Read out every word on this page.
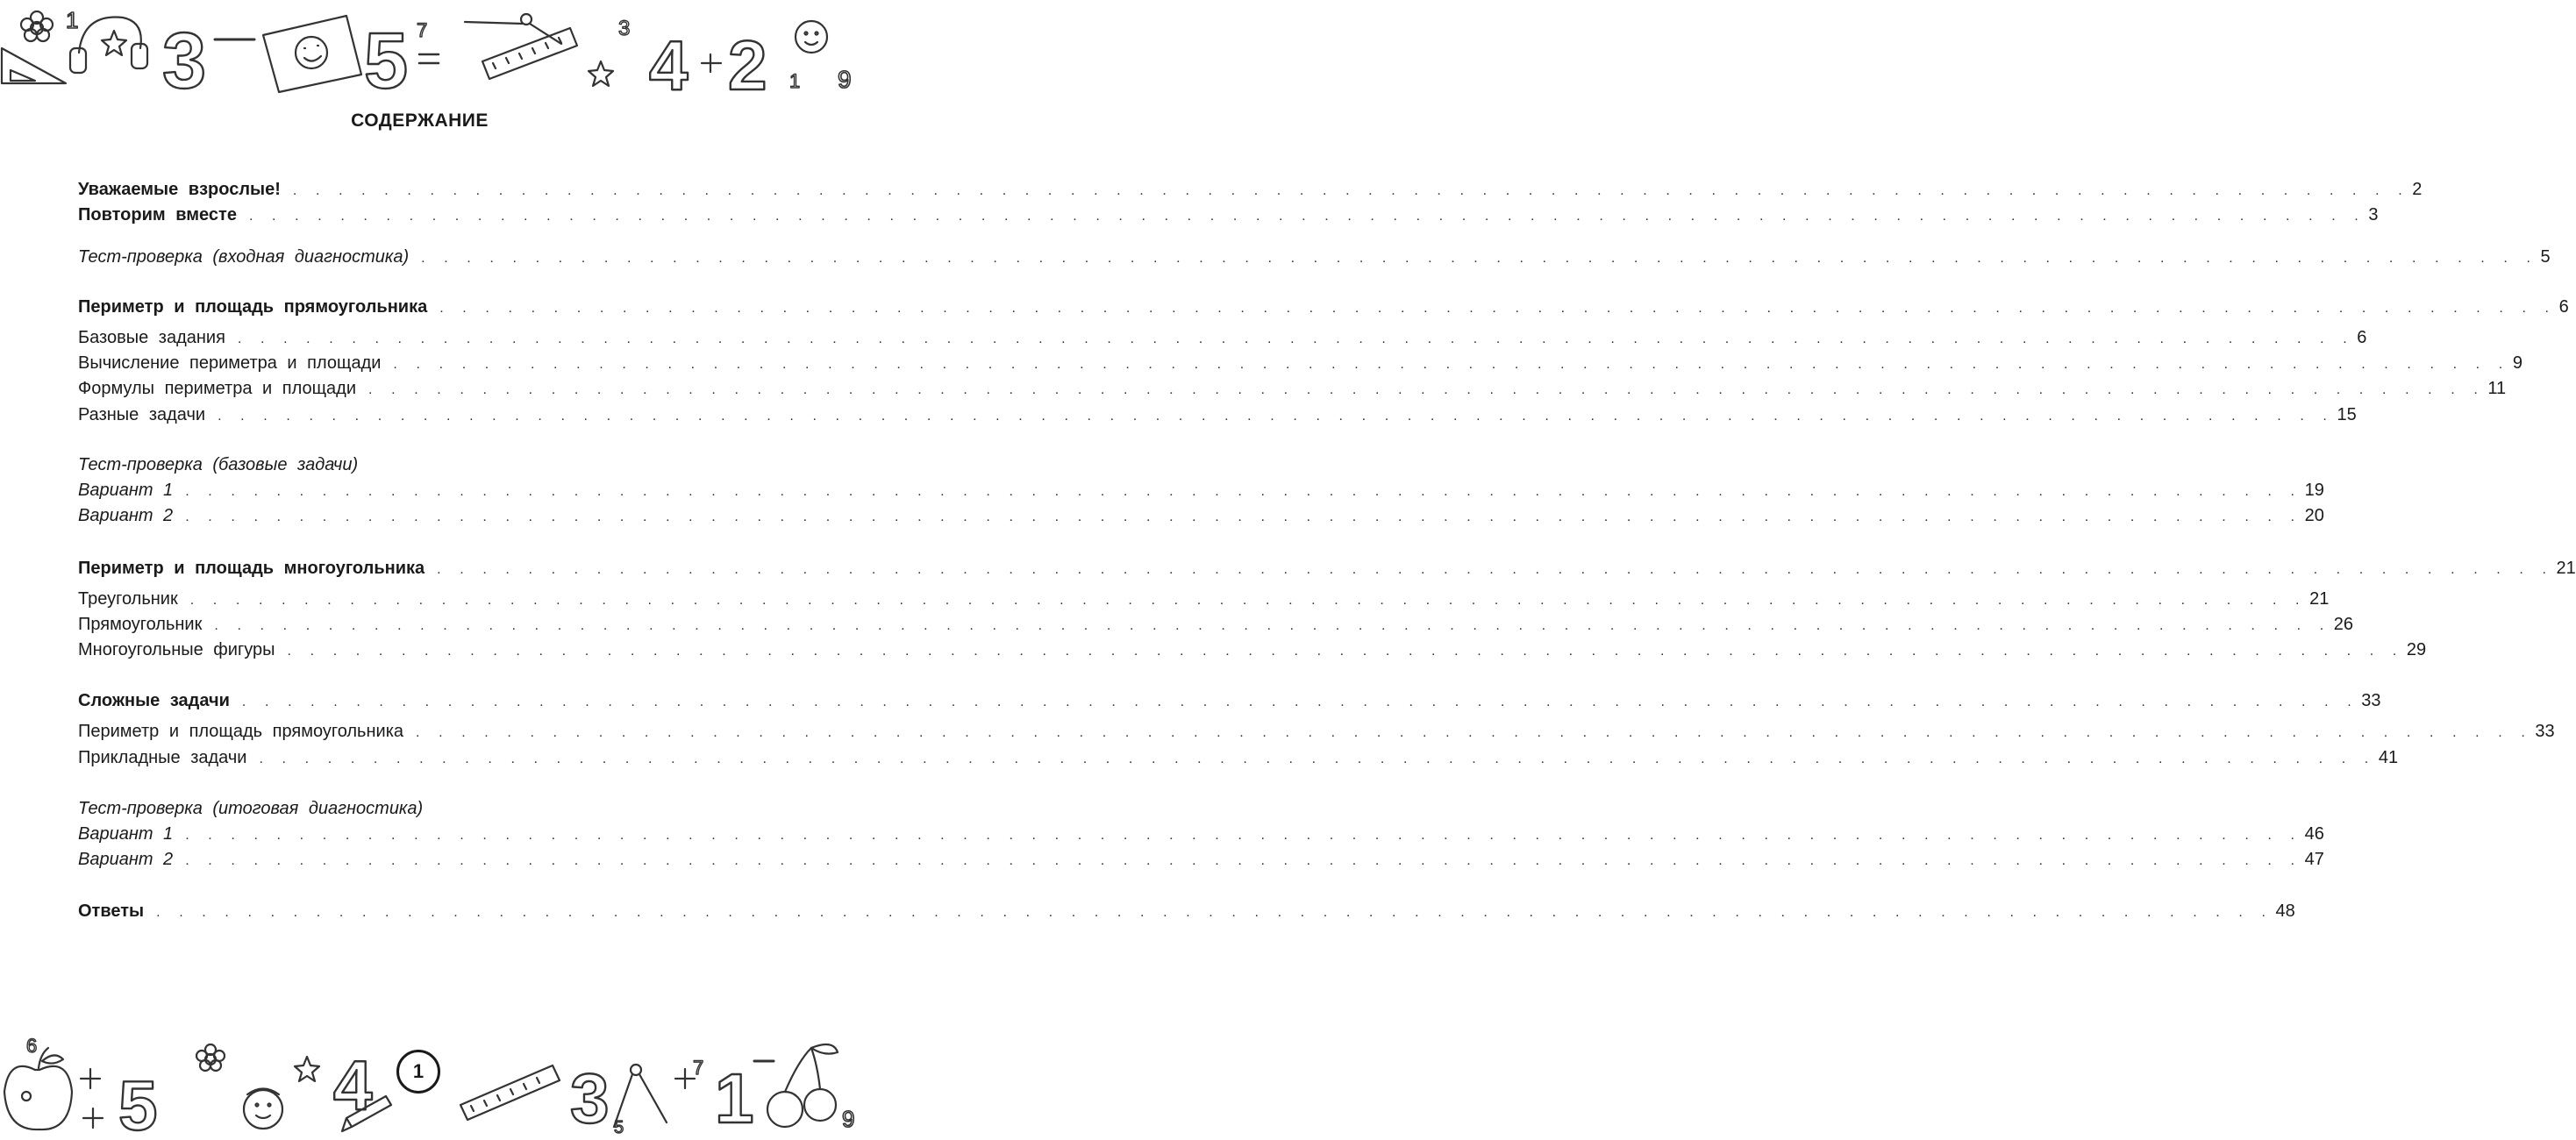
1 3 5 7	3 4 2 1 9
СОДЕРЖАНИЕ
Уважаемые взрослые! . . . . . . . . . . . . . . . . . . . . . . . . . . . . . . . . . . . . . . . . . . . . . . . . . . . . . . . . . . . . . . . . . . . . . . . . . . . . . . . . . . . . . . . . . . . . . 2
Повторим вместе . . . . . . . . . . . . . . . . . . . . . . . . . . . . . . . . . . . . . . . . . . . . . . . . . . . . . . . . . . . . . . . . . . . . . . . . . . . . . . . . . . . . . . . . . . . . . 3
Тест-проверка (входная диагностика) . . . . . . . . . . . . . . . . . . . . . . . . . . . . . . . . . . . . . . . . . . . . . . . . . . . . . . . . . . . . . . . . . . . . . . . . . . . . . . . . . . . . . . . . . . . . . 5
Периметр и площадь прямоугольника . . . . . . . . . . . . . . . . . . . . . . . . . . . . . . . . . . . . . . . . . . . . . . . . . . . . . . . . . . . . . . . . . . . . . . . . . . . . . . . . . . . . . . . . . . . . . 6
Базовые задания . . . . . . . . . . . . . . . . . . . . . . . . . . . . . . . . . . . . . . . . . . . . . . . . . . . . . . . . . . . . . . . . . . . . . . . . . . . . . . . . . . . . . . . . . . . . . 6
Вычисление периметра и площади . . . . . . . . . . . . . . . . . . . . . . . . . . . . . . . . . . . . . . . . . . . . . . . . . . . . . . . . . . . . . . . . . . . . . . . . . . . . . . . . . . . . . . . . . . . . . 9
Формулы периметра и площади . . . . . . . . . . . . . . . . . . . . . . . . . . . . . . . . . . . . . . . . . . . . . . . . . . . . . . . . . . . . . . . . . . . . . . . . . . . . . . . . . . . . . . . . . . . . . 11
Разные задачи . . . . . . . . . . . . . . . . . . . . . . . . . . . . . . . . . . . . . . . . . . . . . . . . . . . . . . . . . . . . . . . . . . . . . . . . . . . . . . . . . . . . . . . . . . . . . 15
Тест-проверка (базовые задачи)
Вариант 1 . . . . . . . . . . . . . . . . . . . . . . . . . . . . . . . . . . . . . . . . . . . . . . . . . . . . . . . . . . . . . . . . . . . . . . . . . . . . . . . . . . . . . . . . . . . . . 19
Вариант 2 . . . . . . . . . . . . . . . . . . . . . . . . . . . . . . . . . . . . . . . . . . . . . . . . . . . . . . . . . . . . . . . . . . . . . . . . . . . . . . . . . . . . . . . . . . . . . 20
Периметр и площадь многоугольника . . . . . . . . . . . . . . . . . . . . . . . . . . . . . . . . . . . . . . . . . . . . . . . . . . . . . . . . . . . . . . . . . . . . . . . . . . . . . . . . . . . . . . . . . . . . . 21
Треугольник . . . . . . . . . . . . . . . . . . . . . . . . . . . . . . . . . . . . . . . . . . . . . . . . . . . . . . . . . . . . . . . . . . . . . . . . . . . . . . . . . . . . . . . . . . . . . 21
Прямоугольник . . . . . . . . . . . . . . . . . . . . . . . . . . . . . . . . . . . . . . . . . . . . . . . . . . . . . . . . . . . . . . . . . . . . . . . . . . . . . . . . . . . . . . . . . . . . . 26
Многоугольные фигуры . . . . . . . . . . . . . . . . . . . . . . . . . . . . . . . . . . . . . . . . . . . . . . . . . . . . . . . . . . . . . . . . . . . . . . . . . . . . . . . . . . . . . . . . . . . . . 29
Сложные задачи . . . . . . . . . . . . . . . . . . . . . . . . . . . . . . . . . . . . . . . . . . . . . . . . . . . . . . . . . . . . . . . . . . . . . . . . . . . . . . . . . . . . . . . . . . . . . 33
Периметр и площадь прямоугольника . . . . . . . . . . . . . . . . . . . . . . . . . . . . . . . . . . . . . . . . . . . . . . . . . . . . . . . . . . . . . . . . . . . . . . . . . . . . . . . . . . . . . . . . . . . . . 33
Прикладные задачи . . . . . . . . . . . . . . . . . . . . . . . . . . . . . . . . . . . . . . . . . . . . . . . . . . . . . . . . . . . . . . . . . . . . . . . . . . . . . . . . . . . . . . . . . . . . . 41
Тест-проверка (итоговая диагностика)
Вариант 1 . . . . . . . . . . . . . . . . . . . . . . . . . . . . . . . . . . . . . . . . . . . . . . . . . . . . . . . . . . . . . . . . . . . . . . . . . . . . . . . . . . . . . . . . . . . . . 46
Вариант 2 . . . . . . . . . . . . . . . . . . . . . . . . . . . . . . . . . . . . . . . . . . . . . . . . . . . . . . . . . . . . . . . . . . . . . . . . . . . . . . . . . . . . . . . . . . . . . 47
Ответы . . . . . . . . . . . . . . . . . . . . . . . . . . . . . . . . . . . . . . . . . . . . . . . . . . . . . . . . . . . . . . . . . . . . . . . . . . . . . . . . . . . . . . . . . . . . . 48
5	4	3 1
7
9
5
6
1
